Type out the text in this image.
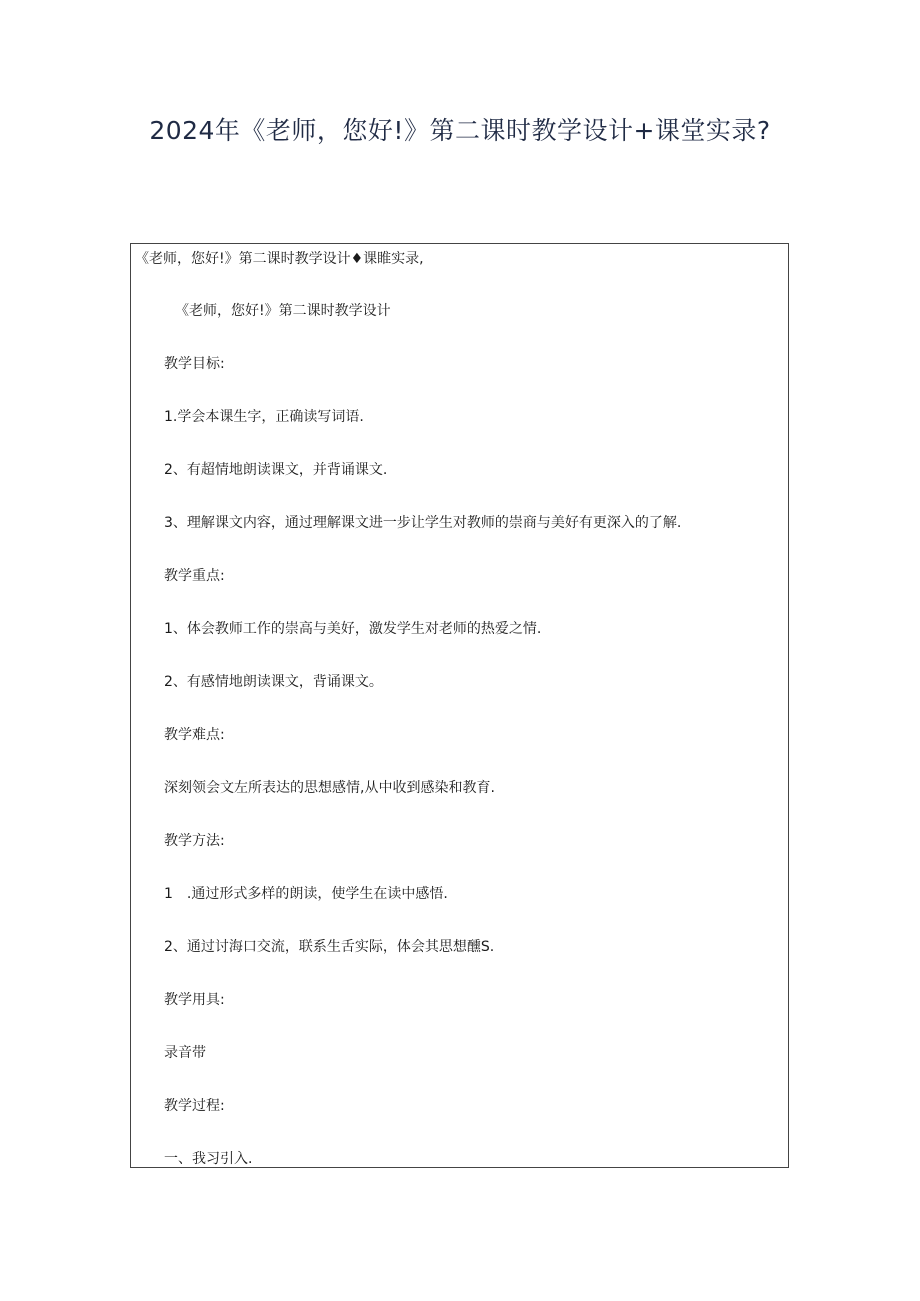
2024年《老师，您好!》第二课时教学设计+课堂实录?
《老师，您好!》第二课时教学设计♦课睢实录,
《老师，您好!》第二课时教学设计
教学目标:
1.学会本课生字，正确读写词语.
2、有超情地朗读课文，并背诵课文.
3、理解课文内容，通过理解课文进一步让学生对教师的崇商与美好有更深入的了解.
教学重点:
1、体会教师工作的崇高与美好，激发学生对老师的热爱之情.
2、有感情地朗读课文，背诵课文。
教学难点:
深刻领会文左所表达的思想感情,从中收到感染和教育.
教学方法:
1　.通过形式多样的朗读，使学生在读中感悟.
2、通过讨海口交流，联系生舌实际，体会其思想醺S.
教学用具:
录音带
教学过程:
一、我习引入.
